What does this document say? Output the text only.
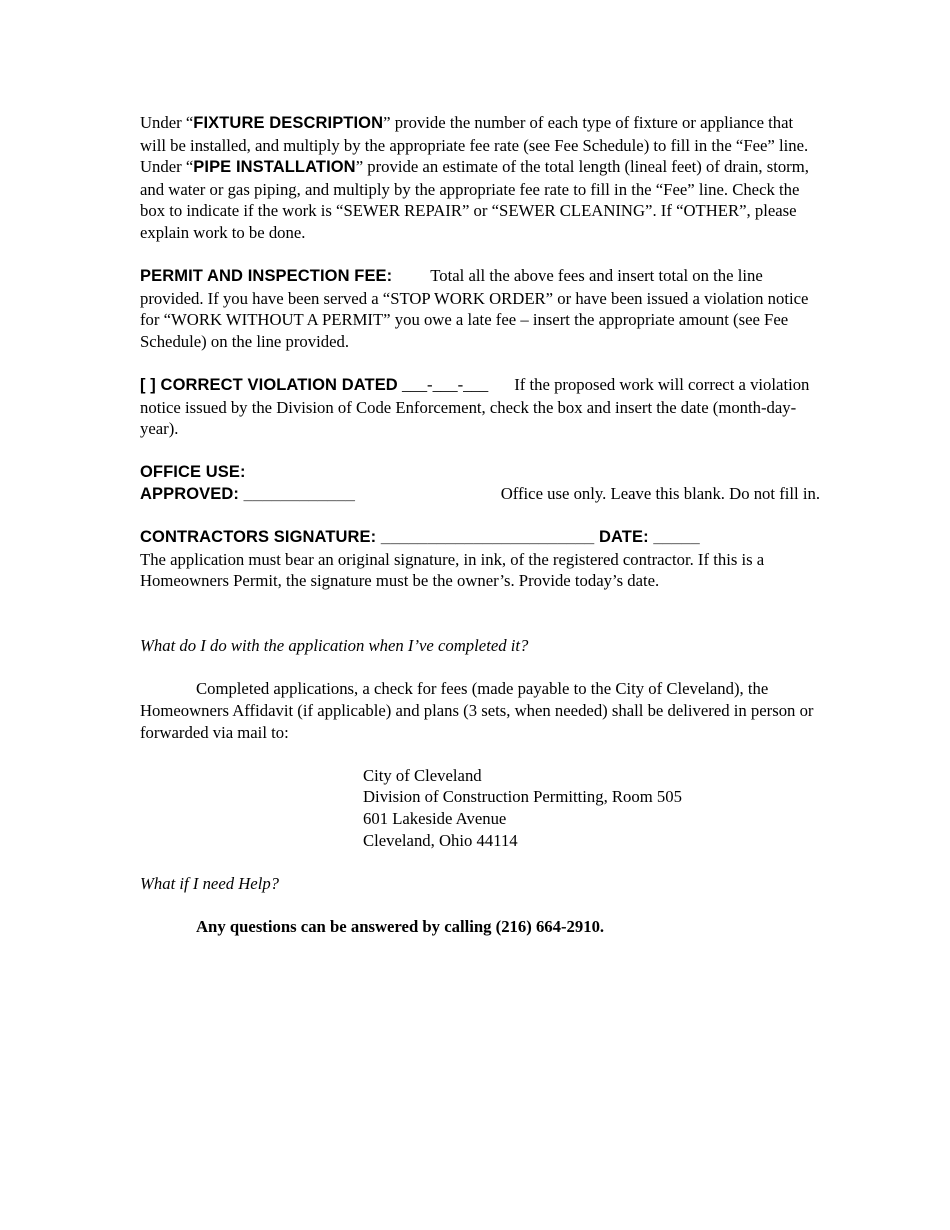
Under “FIXTURE DESCRIPTION” provide the number of each type of fixture or appliance that will be installed, and multiply by the appropriate fee rate (see Fee Schedule) to fill in the “Fee” line. Under “PIPE INSTALLATION” provide an estimate of the total length (lineal feet) of drain, storm, and water or gas piping, and multiply by the appropriate fee rate to fill in the “Fee” line. Check the box to indicate if the work is “SEWER REPAIR” or “SEWER CLEANING”. If “OTHER”, please explain work to be done.

PERMIT AND INSPECTION FEE: Total all the above fees and insert total on the line provided. If you have been served a “STOP WORK ORDER” or have been issued a violation notice for “WORK WITHOUT A PERMIT” you owe a late fee – insert the appropriate amount (see Fee Schedule) on the line provided.

[ ] CORRECT VIOLATION DATED ___-___-___ If the proposed work will correct a violation notice issued by the Division of Code Enforcement, check the box and insert the date (month-day-year).

OFFICE USE:
APPROVED: ____________	Office use only. Leave this blank. Do not fill in.
CONTRACTORS SIGNATURE: _______________________ DATE: _____

The application must bear an original signature, in ink, of the registered contractor. If this is a Homeowners Permit, the signature must be the owner’s. Provide today’s date.

What do I do with the application when I’ve completed it?

Completed applications, a check for fees (made payable to the City of Cleveland), the Homeowners Affidavit (if applicable) and plans (3 sets, when needed) shall be delivered in person or forwarded via mail to:

City of Cleveland
Division of Construction Permitting, Room 505
601 Lakeside Avenue
Cleveland, Ohio 44114

What if I need Help?

Any questions can be answered by calling (216) 664-2910.
